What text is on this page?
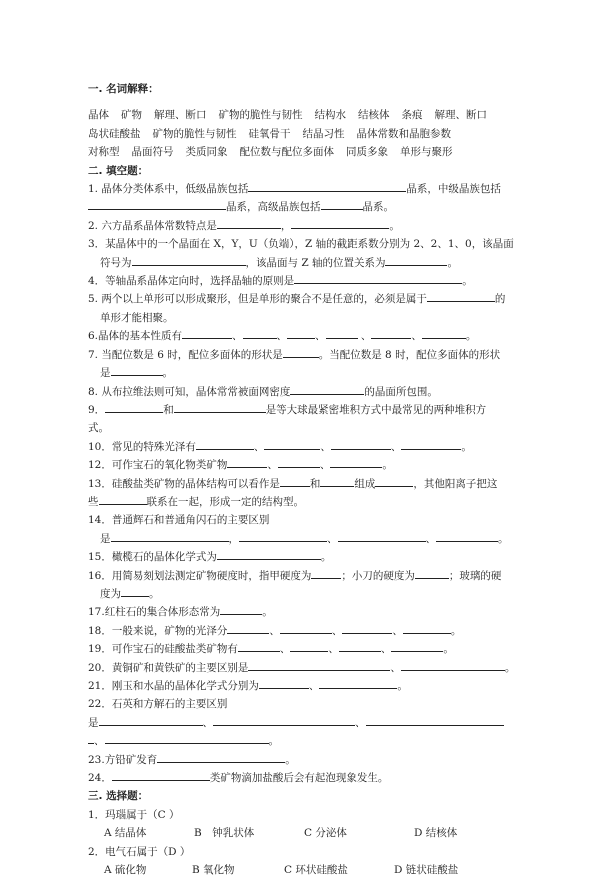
一. 名词解释：
晶体 矿物 解理、断口 矿物的脆性与韧性 结构水 结核体 条痕 解理、断口
岛状硅酸盐 矿物的脆性与韧性 硅氧骨干 结晶习性 晶体常数和晶胞参数
对称型 晶面符号 类质同象 配位数与配位多面体 同质多象 单形与聚形
二. 填空题：
1. 晶体分类体系中，低级晶族包括	晶系，中级晶族包括
晶系，高级晶族包括	晶系。
2. 六方晶系晶体常数特点是	，	。
3．某晶体中的一个晶面在 X，Y，U（负端），Z 轴的截距系数分别为 2、2、1、0，该晶面
符号为	，该晶面与 Z 轴的位置关系为	。
4．等轴晶系晶体定向时，选择晶轴的原则是	。
5. 两个以上单形可以形成聚形，但是单形的聚合不是任意的，必须是属于	的
单形才能相聚。
6.晶体的基本性质有	、	、	、	、	、	。
7. 当配位数是 6 时，配位多面体的形状是	。当配位数是 8 时，配位多面体的形状
是	。
8. 从布拉维法则可知，晶体常常被面网密度	的晶面所包围。
9．	和	是等大球最紧密堆积方式中最常见的两种堆积方
式。
10．常见的特殊光泽有	、	、	、	。
12．可作宝石的氧化物类矿物	、	、	。
13．硅酸盐类矿物的晶体结构可以看作是	和	组成	，其他阳离子把这
些	联系在一起，形成一定的结构型。
14．普通辉石和普通角闪石的主要区别
是	，	、	、	。
15．橄榄石的晶体化学式为	。
16．用简易刻划法测定矿物硬度时，指甲硬度为	；小刀的硬度为	；玻璃的硬
度为	。
17.红柱石的集合体形态常为	。
18．一般来说，矿物的光泽分	、	、	、	。
19．可作宝石的硅酸盐类矿物有	、	、	、	。
20．黄铜矿和黄铁矿的主要区别是	、	。
21．刚玉和水晶的晶体化学式分别为	、	。
22．石英和方解石的主要区别
是	、	、
、	。
23.方铅矿发育	。
24．	类矿物滴加盐酸后会有起泡现象发生。
三. 选择题：
1．玛瑙属于（C ）
A 结晶体	B　钟乳状体	C 分泌体	D 结核体
2．电气石属于（D ）
A 硫化物	B 氧化物	C 环状硅酸盐	D 链状硅酸盐
